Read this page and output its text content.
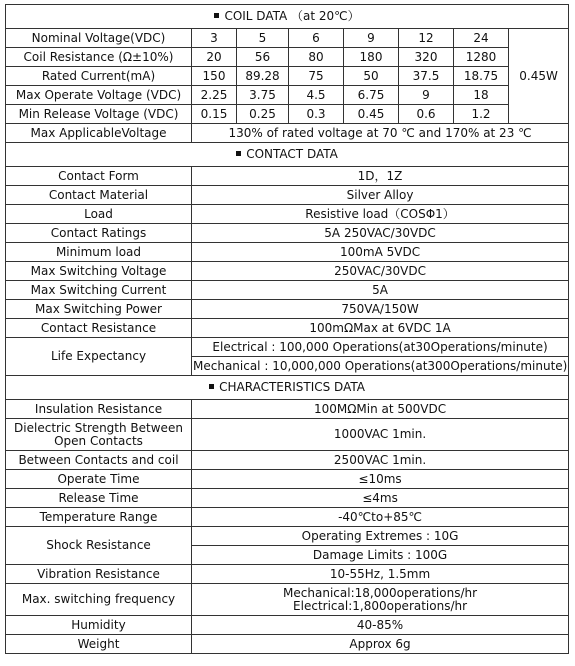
COIL DATA （at 20℃）							
Nominal Voltage(VDC)	3	5	6	9	12	24	0.45W
Coil Resistance (Ω±10%)	20	56	80	180	320	1280	
Rated Current(mA)	150	89.28	75	50	37.5	18.75	
Max Operate Voltage (VDC)	2.25	3.75	4.5	6.75	9	18	
Min Release Voltage (VDC)	0.15	0.25	0.3	0.45	0.6	1.2	
Max ApplicableVoltage	130% of rated voltage at 70 ℃ and 170% at 23 ℃						
CONTACT DATA							
Contact Form	1D，1Z						
Contact Material	Silver Alloy						
Load	Resistive load（COSΦ1）						
Contact Ratings	5A 250VAC/30VDC						
Minimum load	100mA 5VDC						
Max Switching Voltage	250VAC/30VDC						
Max Switching Current	5A						
Max Switching Power	750VA/150W						
Contact Resistance	100mΩMax at 6VDC 1A						
Life Expectancy	Electrical : 100,000 Operations(at30Operations/minute)						
	Mechanical : 10,000,000 Operations(at300Operations/minute)						
CHARACTERISTICS DATA							
Insulation Resistance	100MΩMin at 500VDC						
Dielectric Strength Between Open Contacts	1000VAC 1min.						
Between Contacts and coil	2500VAC 1min.						
Operate Time	≤10ms						
Release Time	≤4ms						
Temperature Range	-40℃to+85℃						
Shock Resistance	Operating Extremes : 10G						
	Damage Limits : 100G						
Vibration Resistance	10-55Hz, 1.5mm						
Max. switching frequency	Mechanical:18,000operations/hr
Electrical:1,800operations/hr						

Humidity	40-85%						
Weight	Approx 6g						
